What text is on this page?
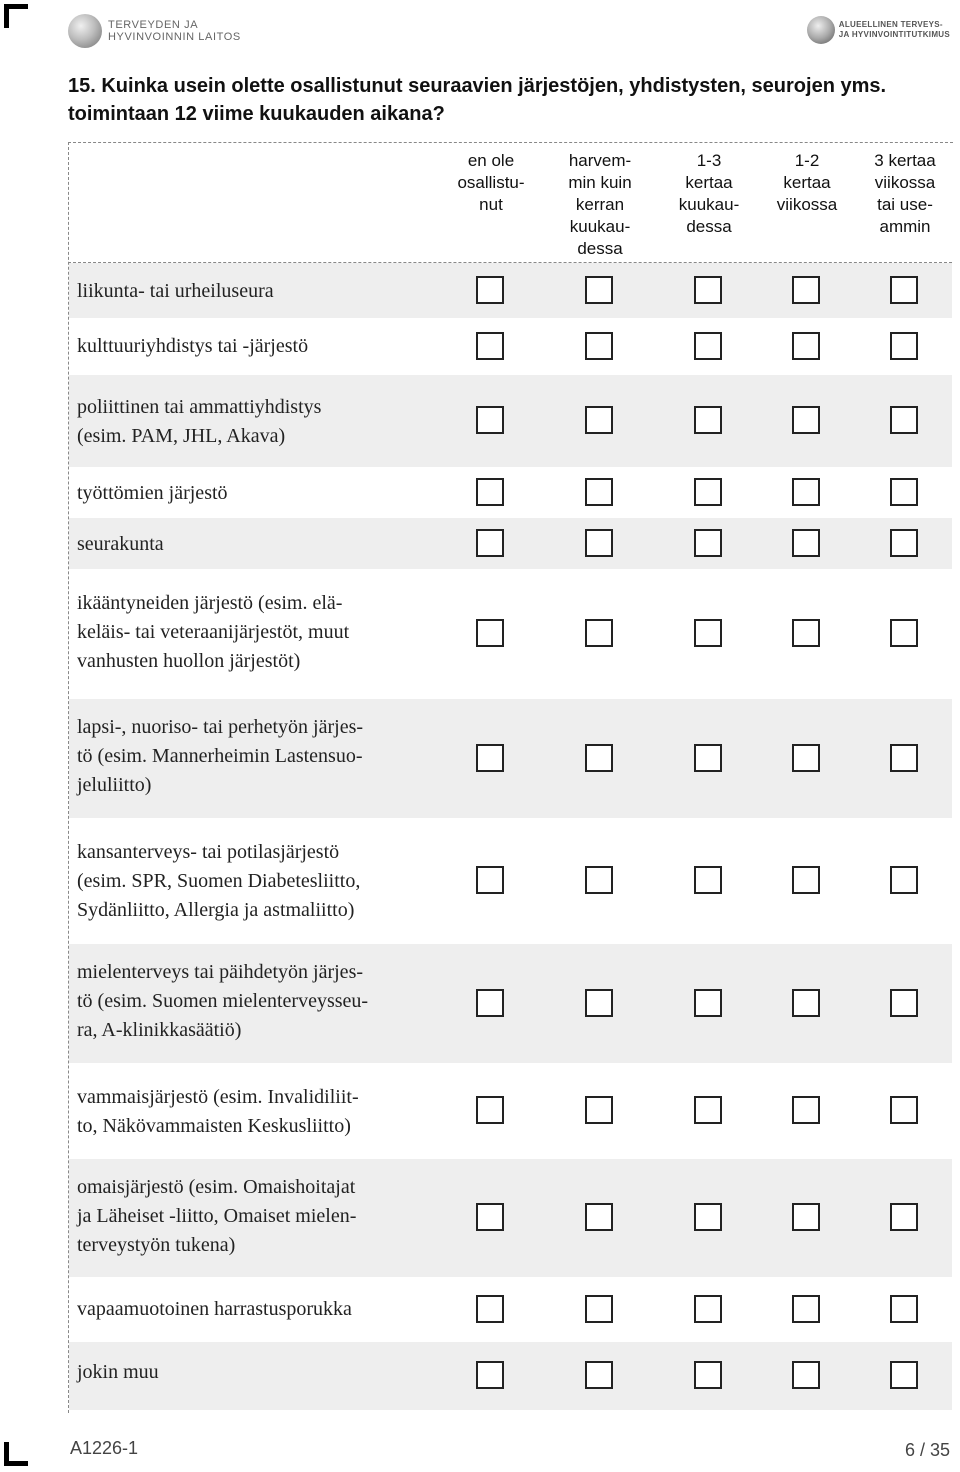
TERVEYDEN JA
HYVINVOINNIN LAITOS
ALUEELLINEN TERVEYS-
JA HYVINVOINTITUTKIMUS
15. Kuinka usein olette osallistunut seuraavien järjestöjen, yhdistysten, seurojen yms. toimintaan 12 viime kuukauden aikana?
en ole
osallistu-
nut
harvem-
min kuin
kerran
kuukau-
dessa
1-3
kertaa
kuukau-
dessa
1-2
kertaa
viikossa
3 kertaa
viikossa
tai use-
ammin
liikunta- tai urheiluseura
kulttuuriyhdistys tai -järjestö
poliittinen tai ammattiyhdistys
(esim. PAM, JHL, Akava)
työttömien järjestö
seurakunta
ikääntyneiden järjestö (esim. elä-
keläis- tai veteraanijärjestöt, muut
vanhusten huollon järjestöt)
lapsi-, nuoriso- tai perhetyön järjes-
tö (esim. Mannerheimin Lastensuo-
jeluliitto)
kansanterveys- tai potilasjärjestö
(esim. SPR, Suomen Diabetesliitto,
Sydänliitto, Allergia ja astmaliitto)
mielenterveys tai päihdetyön järjes-
tö (esim. Suomen mielenterveysseu-
ra, A-klinikkasäätiö)
vammaisjärjestö (esim. Invalidiliit-
to, Näkövammaisten Keskusliitto)
omaisjärjestö (esim. Omaishoitajat
ja Läheiset -liitto, Omaiset mielen-
terveystyön tukena)
vapaamuotoinen harrastusporukka
jokin muu
A1226-1	6 / 35
